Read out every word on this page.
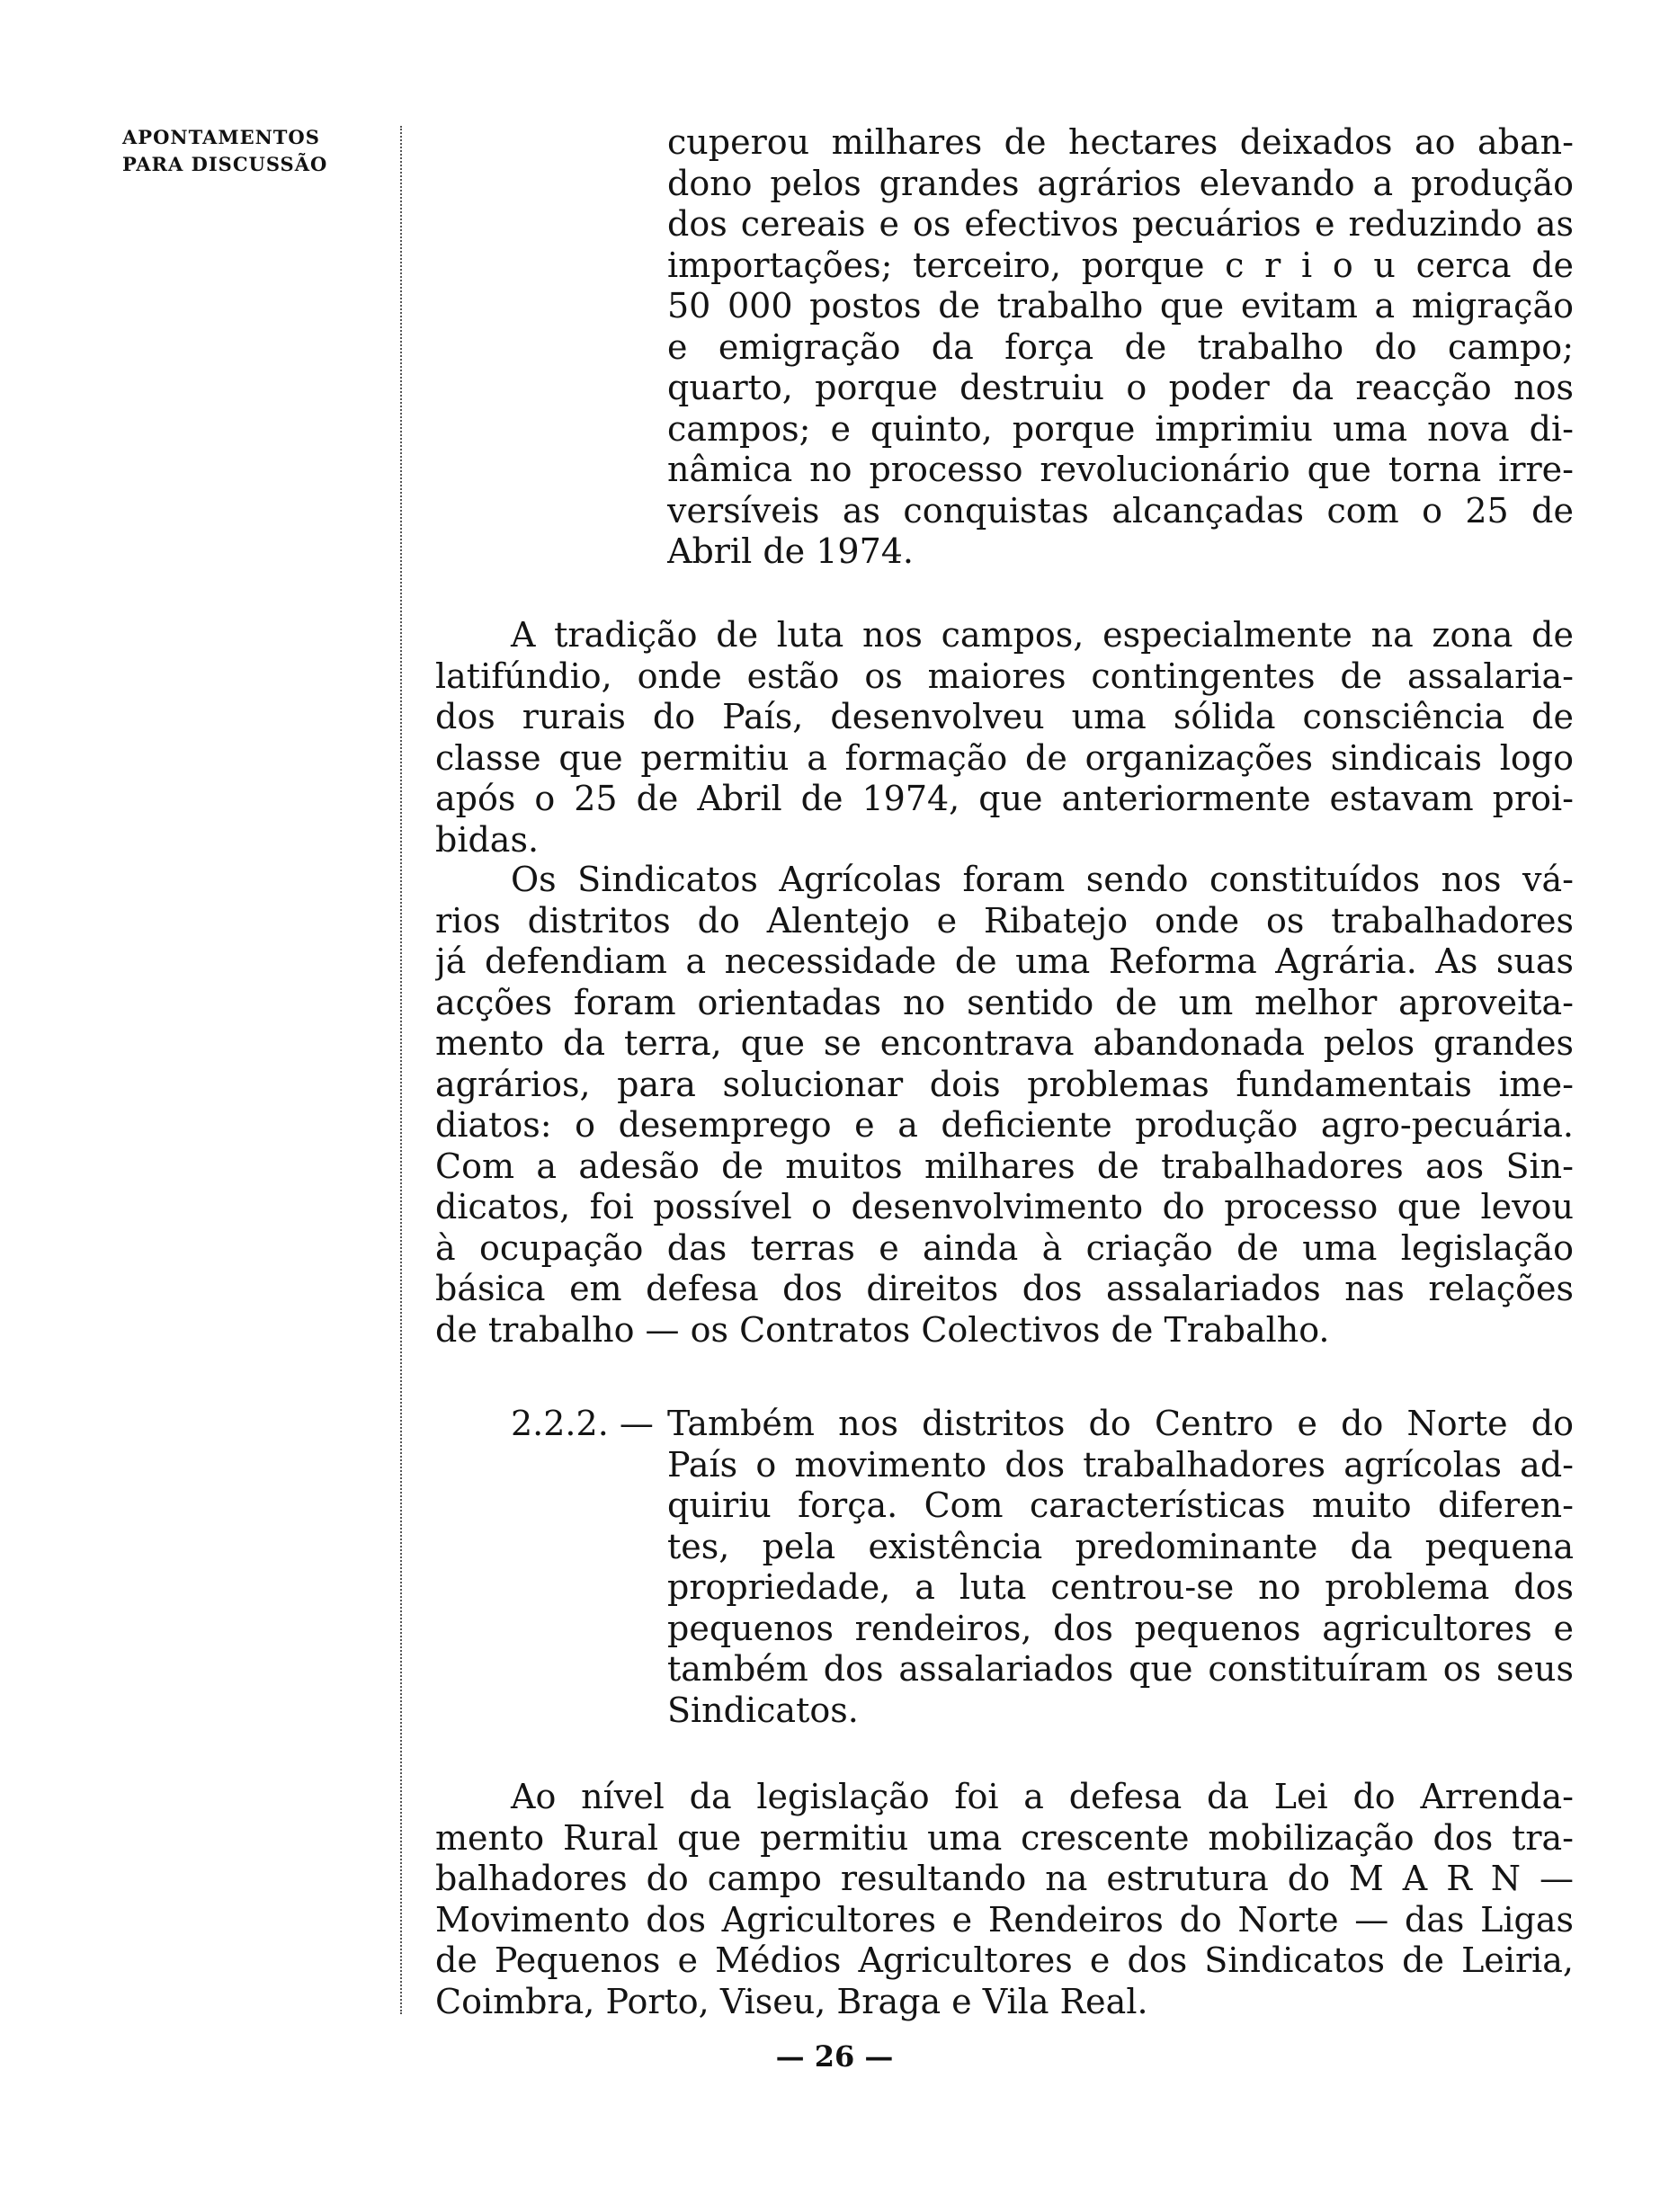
APONTAMENTOS
PARA DISCUSSÃO
cuperou milhares de hectares deixados ao aban-
dono pelos grandes agrários elevando a produção
dos cereais e os efectivos pecuários e reduzindo as
importações; terceiro, porque c r i o u cerca de
50 000 postos de trabalho que evitam a migração
e emigração da força de trabalho do campo;
quarto, porque destruiu o poder da reacção nos
campos; e quinto, porque imprimiu uma nova di-
nâmica no processo revolucionário que torna irre-
versíveis as conquistas alcançadas com o 25 de
Abril de 1974.
A tradição de luta nos campos, especialmente na zona de
latifúndio, onde estão os maiores contingentes de assalaria-
dos rurais do País, desenvolveu uma sólida consciência de
classe que permitiu a formação de organizações sindicais logo
após o 25 de Abril de 1974, que anteriormente estavam proi-
bidas.
Os Sindicatos Agrícolas foram sendo constituídos nos vá-
rios distritos do Alentejo e Ribatejo onde os trabalhadores
já defendiam a necessidade de uma Reforma Agrária. As suas
acções foram orientadas no sentido de um melhor aproveita-
mento da terra, que se encontrava abandonada pelos grandes
agrários, para solucionar dois problemas fundamentais ime-
diatos: o desemprego e a deficiente produção agro-pecuária.
Com a adesão de muitos milhares de trabalhadores aos Sin-
dicatos, foi possível o desenvolvimento do processo que levou
à ocupação das terras e ainda à criação de uma legislação
básica em defesa dos direitos dos assalariados nas relações
de trabalho — os Contratos Colectivos de Trabalho.
2.2.2. — Também nos distritos do Centro e do Norte do
País o movimento dos trabalhadores agrícolas ad-
quiriu força. Com características muito diferen-
tes, pela existência predominante da pequena
propriedade, a luta centrou-se no problema dos
pequenos rendeiros, dos pequenos agricultores e
também dos assalariados que constituíram os seus
Sindicatos.
Ao nível da legislação foi a defesa da Lei do Arrenda-
mento Rural que permitiu uma crescente mobilização dos tra-
balhadores do campo resultando na estrutura do M A R N —
Movimento dos Agricultores e Rendeiros do Norte — das Ligas
de Pequenos e Médios Agricultores e dos Sindicatos de Leiria,
Coimbra, Porto, Viseu, Braga e Vila Real.
— 26 —
